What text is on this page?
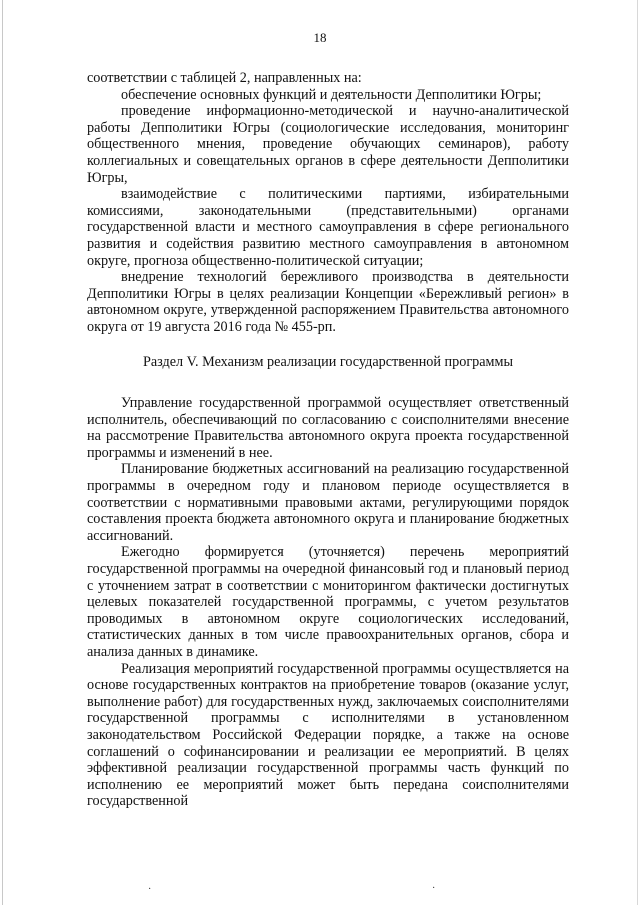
18

соответствии с таблицей 2, направленных на:

обеспечение основных функций и деятельности Депполитики Югры;

проведение информационно-методической и научно-аналитической работы Депполитики Югры (социологические исследования, мониторинг общественного мнения, проведение обучающих семинаров), работу коллегиальных и совещательных органов в сфере деятельности Депполитики Югры,

взаимодействие с политическими партиями, избирательными комиссиями, законодательными (представительными) органами государственной власти и местного самоуправления в сфере регионального развития и содействия развитию местного самоуправления в автономном округе, прогноза общественно-политической ситуации;

внедрение технологий бережливого производства в деятельности Депполитики Югры в целях реализации Концепции «Бережливый регион» в автономном округе, утвержденной распоряжением Правительства автономного округа от 19 августа 2016 года № 455-рп.

Раздел V. Механизм реализации государственной программы

Управление государственной программой осуществляет ответственный исполнитель, обеспечивающий по согласованию с соисполнителями внесение на рассмотрение Правительства автономного округа проекта государственной программы и изменений в нее.

Планирование бюджетных ассигнований на реализацию государственной программы в очередном году и плановом периоде осуществляется в соответствии с нормативными правовыми актами, регулирующими порядок составления проекта бюджета автономного округа и планирование бюджетных ассигнований.

Ежегодно формируется (уточняется) перечень мероприятий государственной программы на очередной финансовый год и плановый период с уточнением затрат в соответствии с мониторингом фактически достигнутых целевых показателей государственной программы, с учетом результатов проводимых в автономном округе социологических исследований, статистических данных в том числе правоохранительных органов, сбора и анализа данных в динамике.

Реализация мероприятий государственной программы осуществляется на основе государственных контрактов на приобретение товаров (оказание услуг, выполнение работ) для государственных нужд, заключаемых соисполнителями государственной программы с исполнителями в установленном законодательством Российской Федерации порядке, а также на основе соглашений о софинансировании и реализации ее мероприятий. В целях эффективной реализации государственной программы часть функций по исполнению ее мероприятий может быть передана соисполнителями государственной

·	·
